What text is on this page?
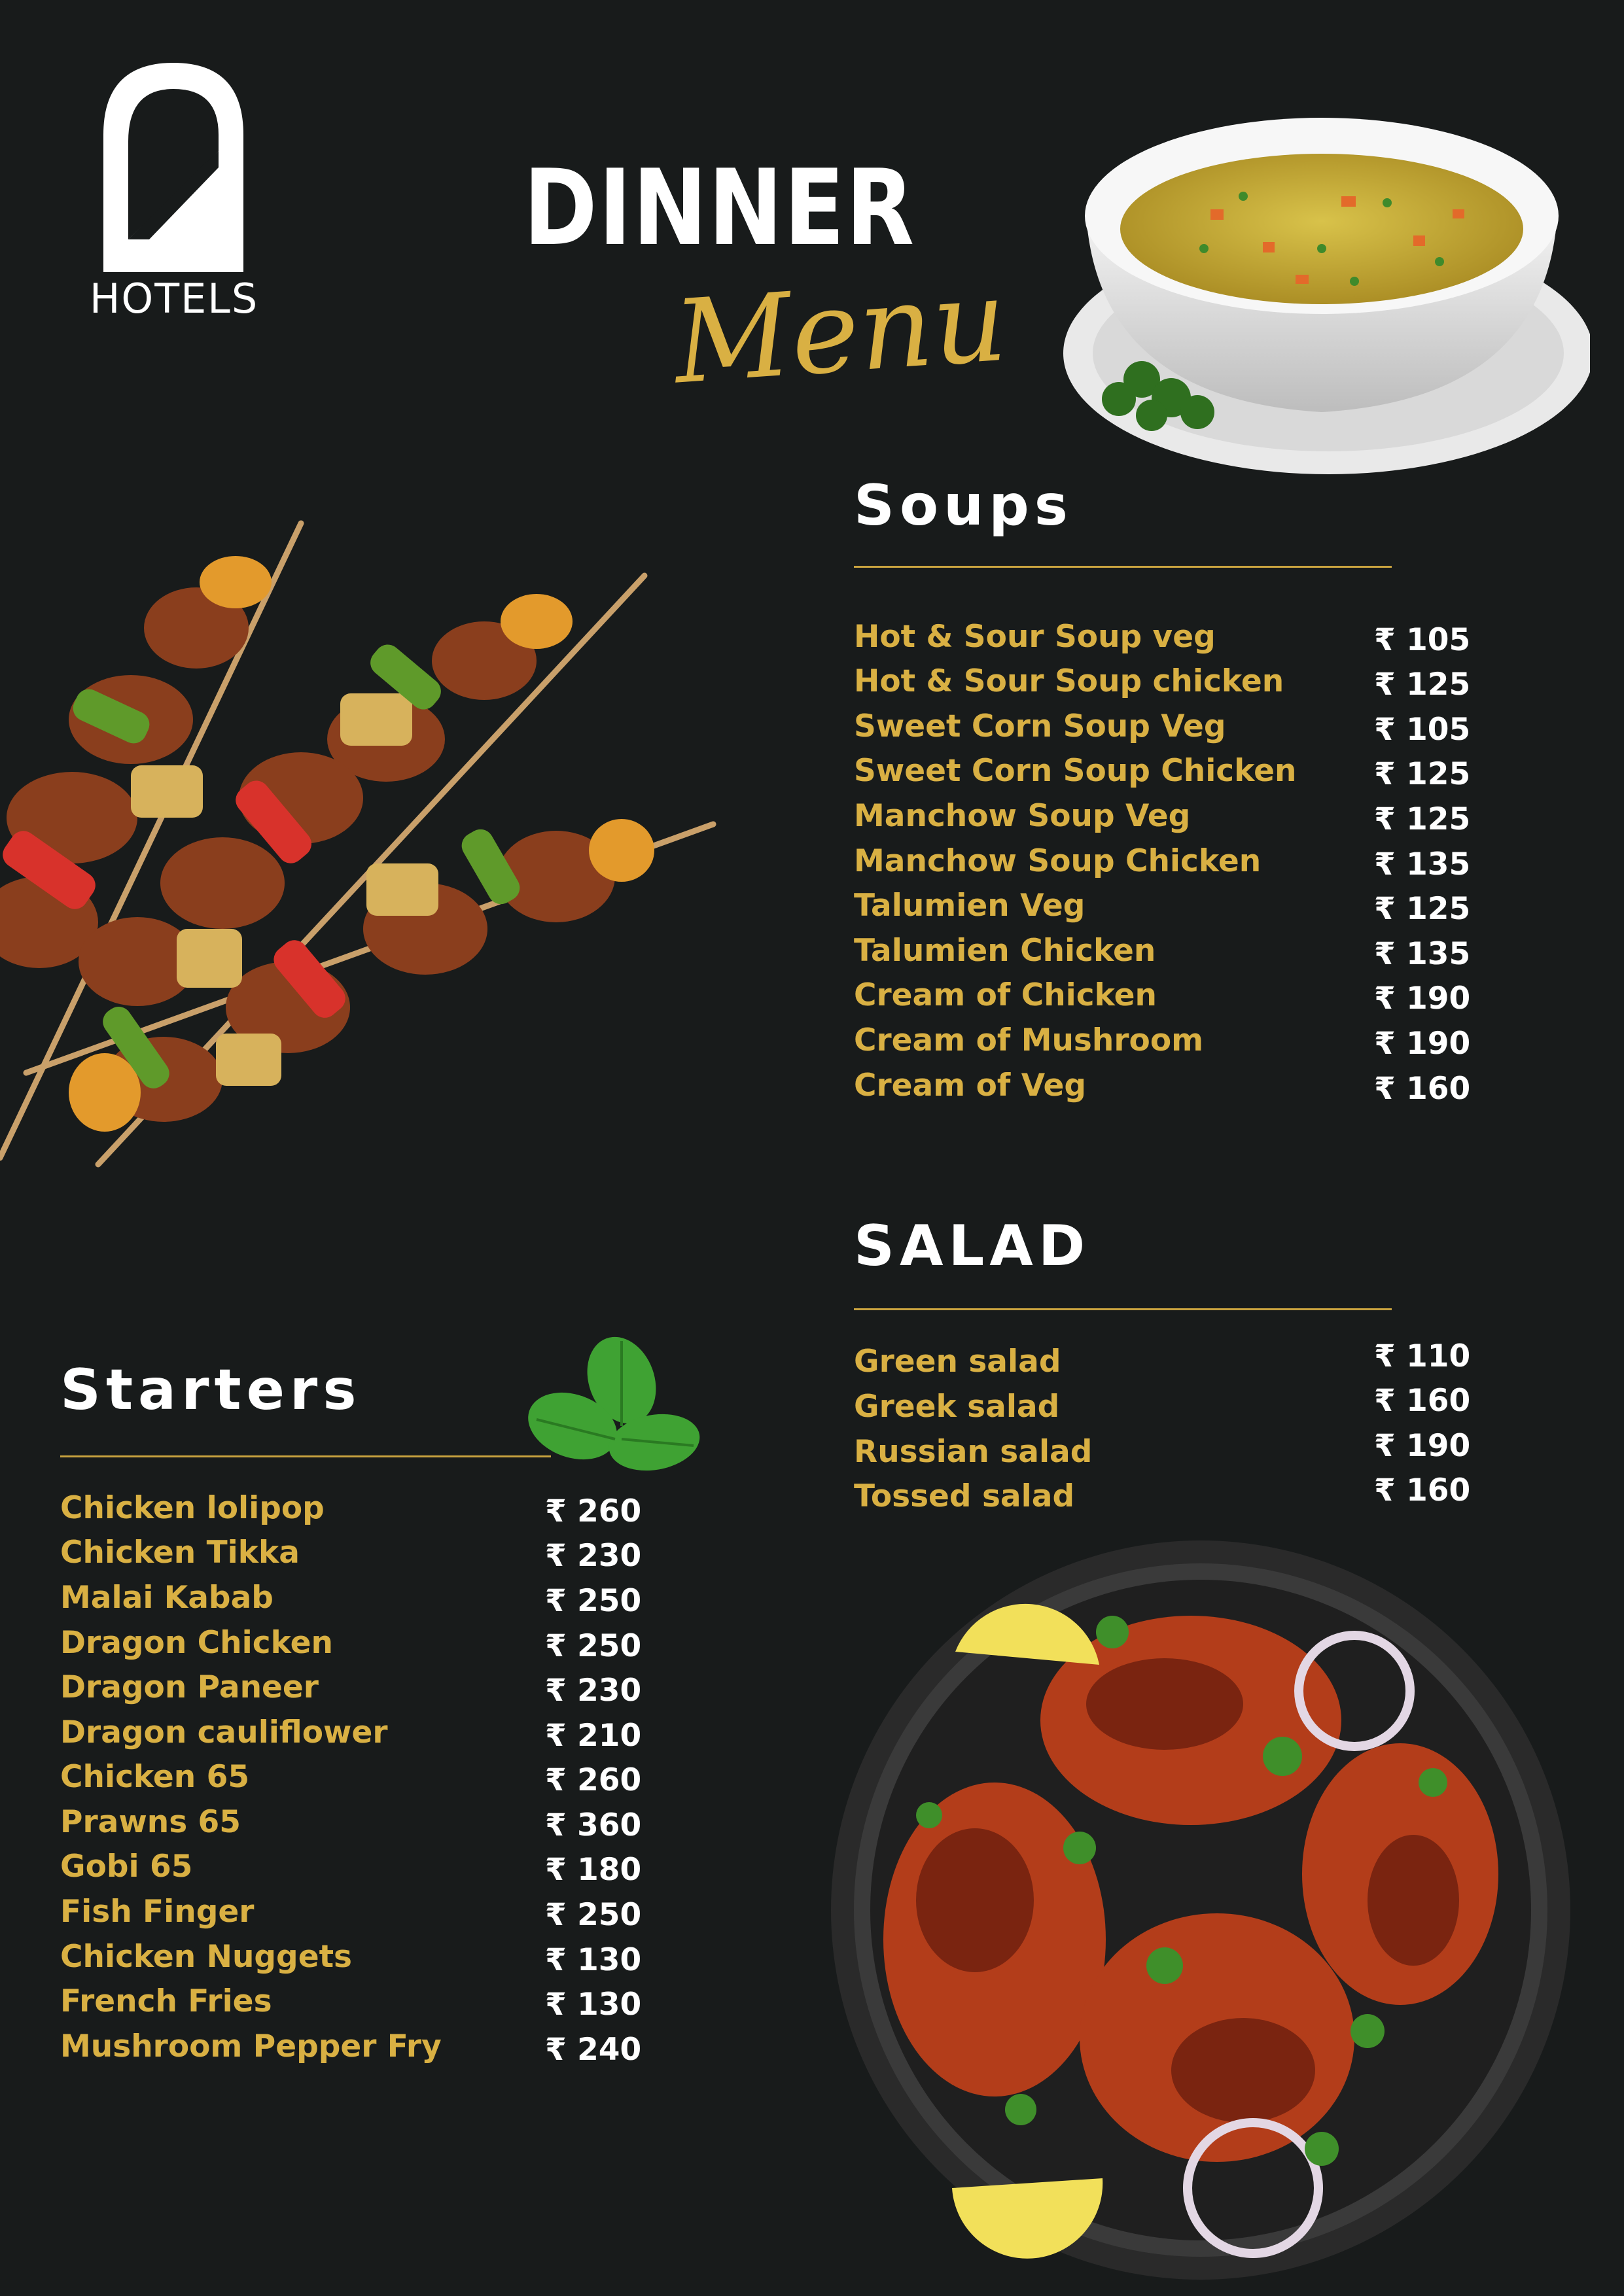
HOTELS
DINNER
Menu
Soups
Hot & Sour Soup veg	₹ 105
Hot & Sour Soup chicken	₹ 125
Sweet Corn Soup Veg	₹ 105
Sweet Corn Soup Chicken	₹ 125
Manchow Soup Veg	₹ 125
Manchow Soup Chicken	₹ 135
Talumien Veg	₹ 125
Talumien Chicken	₹ 135
Cream of Chicken	₹ 190
Cream of Mushroom	₹ 190
Cream of Veg	₹ 160
Starters
Chicken lolipop	₹ 260
Chicken Tikka	₹ 230
Malai Kabab	₹ 250
Dragon Chicken	₹ 250
Dragon Paneer	₹ 230
Dragon cauliflower	₹ 210
Chicken 65	₹ 260
Prawns 65	₹ 360
Gobi 65	₹ 180
Fish Finger	₹ 250
Chicken Nuggets	₹ 130
French Fries	₹ 130
Mushroom Pepper Fry	₹ 240
SALAD
Green salad	₹ 110
Greek salad	₹ 160
Russian salad	₹ 190
Tossed salad	₹ 160
